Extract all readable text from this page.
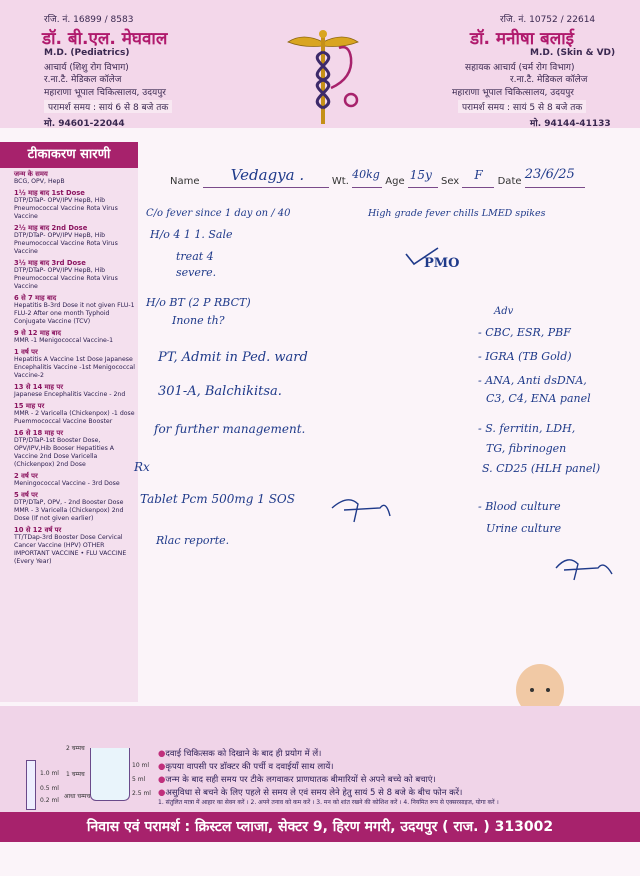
रजि. नं. 16899 / 8583
डॉ. बी.एल. मेघवाल
M.D. (Pediatrics)
आचार्य (शिशु रोग विभाग)
र.ना.टै. मेडिकल कॉलेज
महाराणा भूपाल चिकित्सालय, उदयपुर
परामर्श समय : सायं 6 से 8 बजे तक
मो. 94601-22044
रजि. नं. 10752 / 22614
डॉ. मनीषा बलाई
M.D. (Skin & VD)
सहायक आचार्य (चर्म रोग विभाग)
र.ना.टै. मेडिकल कॉलेज
महाराणा भूपाल चिकित्सालय, उदयपुर
परामर्श समय : सायं 5 से 8 बजे तक
मो. 94144-41133
टीकाकरण सारणी
जन्म के समय
BCG, OPV, HepB
1½ माह बाद 1st Dose
DTP/DTaP- OPV/IPV HepB, Hib Pneumococcal Vaccine Rota Virus Vaccine
2½ माह बाद 2nd Dose
DTP/DTaP- OPV/IPV HepB, Hib Pneumococcal Vaccine Rota Virus Vaccine
3½ माह बाद 3rd Dose
DTP/DTaP- OPV/IPV HepB, Hib Pneumococcal Vaccine Rota Virus Vaccine
6 से 7 माह बाद
Hepatitis B-3rd Dose it not given FLU-1 FLU-2 After one month Typhoid Conjugate Vaccine (TCV)
9 से 12 माह बाद
MMR -1 Menigococcal Vaccine-1
1 वर्ष पर
Hepatitis A Vaccine 1st Dose Japanese Encephalitis Vaccine -1st Menigococcal Vaccine-2
13 से 14 माह पर
Japanese Encephalitis Vaccine - 2nd
15 माह पर
MMR - 2 Varicella (Chickenpox) -1 dose Puemmococcal Vaccine Booster
16 से 18 माह पर
DTP/DTaP-1st Booster Dose, OPV/IPV,Hib Booser Hepatities A Vaccine 2nd Dose Varicella (Chickenpox) 2nd Dose
2 वर्ष पर
Meningococcal Vaccine - 3rd Dose
5 वर्ष पर
DTP/DTaP, OPV, - 2nd Booster Dose MMR - 3 Varicella (Chickenpox) 2nd Dose (If not given earlier)
10 से 12 वर्ष पर
TT/TDap-3rd Booster Dose Cervical Cancer Vaccine (HPV) OTHER IMPORTANT VACCINE • FLU VACCINE (Every Year)
Name Vedagya .	Wt.
40kg
Age 15y Sex F Date 23/6/25

C/o fever since 1 day on / 40	High grade fever chills LMED spikes
H/o 4 1 1. Sale
treat 4
severe.
PMO
H/o BT (2 P RBCT)
Inone th?
PT, Admit in Ped. ward
301-A, Balchikitsa.
for further management.
Rx
Tablet Pcm 500mg 1 SOS
Rlac reporte.
Adv
- CBC, ESR, PBF
- IGRA (TB Gold)
- ANA, Anti dsDNA,
C3, C4, ENA panel
- S. ferritin, LDH,
TG, fibrinogen
S. CD25 (HLH panel)
- Blood culture
Urine culture
2 चम्मच
1.0 ml
0.5 ml
0.2 ml
10 ml
5 ml
2.5 ml
1 चम्मच
आधा चम्मच
● दवाई चिकित्सक को दिखाने के बाद ही प्रयोग में लें।
● कृपया वापसी पर डॉक्टर की पर्ची व दवाईयाँ साथ लायें।
● जन्म के बाद सही समय पर टीके लगवाकर प्राणघातक बीमारियों से अपने बच्चे को बचाएं।
● असुविधा से बचने के लिए पहले से समय ले एवं समय लेने हेतु सायं 5 से 8 बजे के बीच फोन करें।
1. संतुलित मात्रा में आहार का सेवन करें । 2. अपने तनाव को कम करें । 3. मन को शांत रखने की कोशिश करें । 4. नियमित रूप से एक्सरसाइज, योगा करें ।
निवास एवं परामर्श : क्रिस्टल प्लाजा, सेक्टर 9, हिरण मगरी, उदयपुर ( राज. ) 313002
